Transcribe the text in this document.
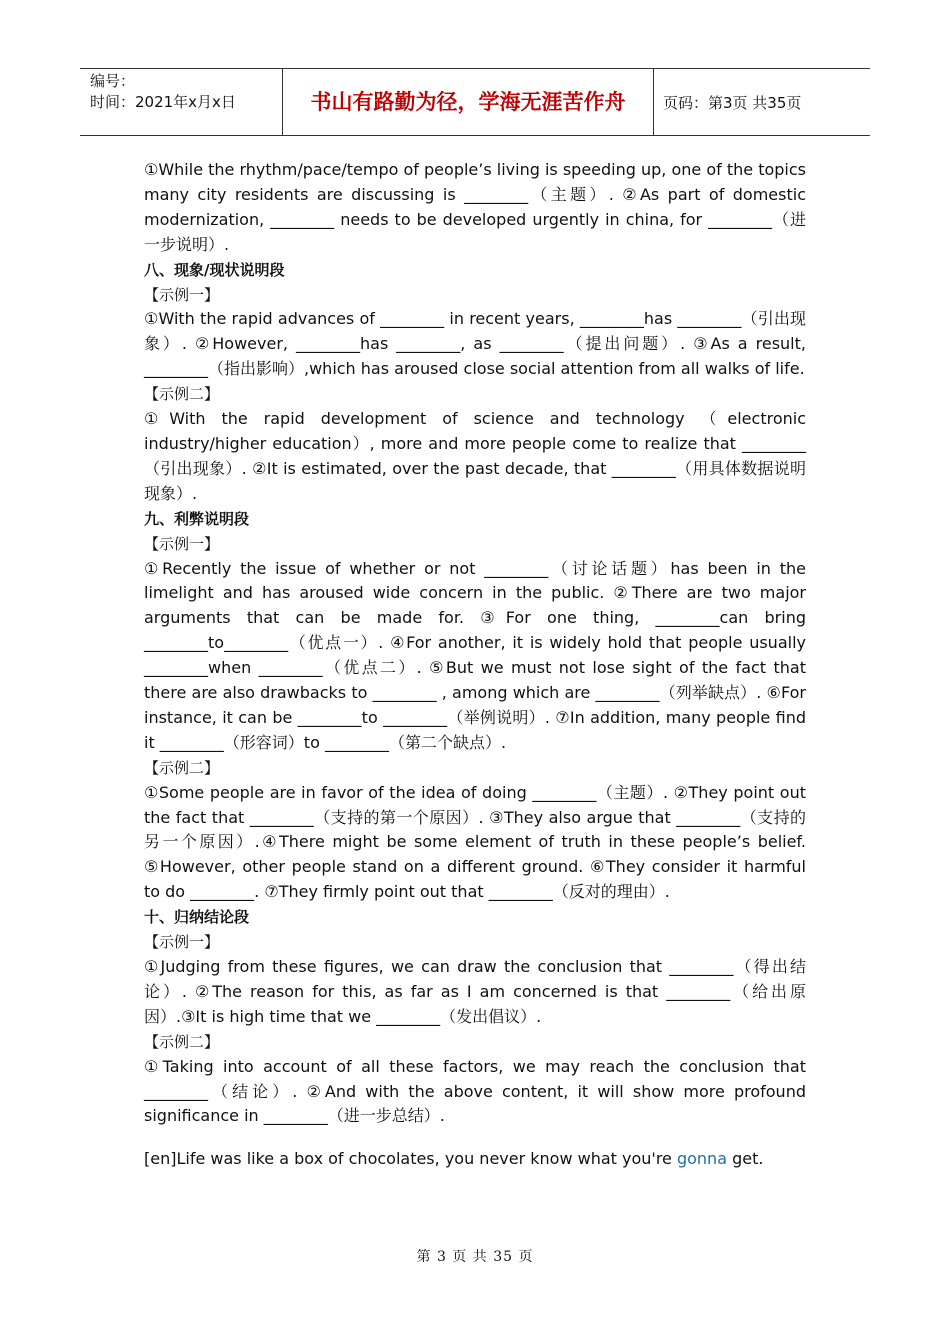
编号：
时间：2021年x月x日	书山有路勤为径，学海无涯苦作舟	页码：第3页 共35页

①While the rhythm/pace/tempo of people’s living is speeding up, one of the topics many city residents are discussing is ________（主题）. ②As part of domestic modernization, ________ needs to be developed urgently in china, for ________（进一步说明）.

八、现象/现状说明段

【示例一】

①With the rapid advances of ________ in recent years, ________has ________（引出现象）. ②However, ________has ________, as ________（提出问题）. ③As a result, ________（指出影响）,which has aroused close social attention from all walks of life.

【示例二】

①With the rapid development of science and technology （electronic industry/higher education）, more and more people come to realize that ________（引出现象）. ②It is estimated, over the past decade, that ________（用具体数据说明现象）.

九、利弊说明段

【示例一】

①Recently the issue of whether or not ________（讨论话题）has been in the limelight and has aroused wide concern in the public. ②There are two major arguments that can be made for. ③For one thing, ________can bring ________to________（优点一）. ④For another, it is widely hold that people usually ________when ________（优点二）. ⑤But we must not lose sight of the fact that there are also drawbacks to ________ , among which are ________（列举缺点）. ⑥For instance, it can be ________to ________（举例说明）. ⑦In addition, many people find it ________（形容词）to ________（第二个缺点）.

【示例二】

①Some people are in favor of the idea of doing ________（主题）. ②They point out the fact that ________（支持的第一个原因）. ③They also argue that ________（支持的另一个原因）.④There might be some element of truth in these people’s belief. ⑤However, other people stand on a different ground. ⑥They consider it harmful to do ________. ⑦They firmly point out that ________（反对的理由）.

十、归纳结论段

【示例一】

①Judging from these figures, we can draw the conclusion that ________（得出结论）. ②The reason for this, as far as I am concerned is that ________（给出原因）.③It is high time that we ________（发出倡议）.

【示例二】

①Taking into account of all these factors, we may reach the conclusion that ________（结论）. ②And with the above content, it will show more profound significance in ________（进一步总结）.

[en]Life was like a box of chocolates, you never know what you're gonna get.

第 3 页 共 35 页
